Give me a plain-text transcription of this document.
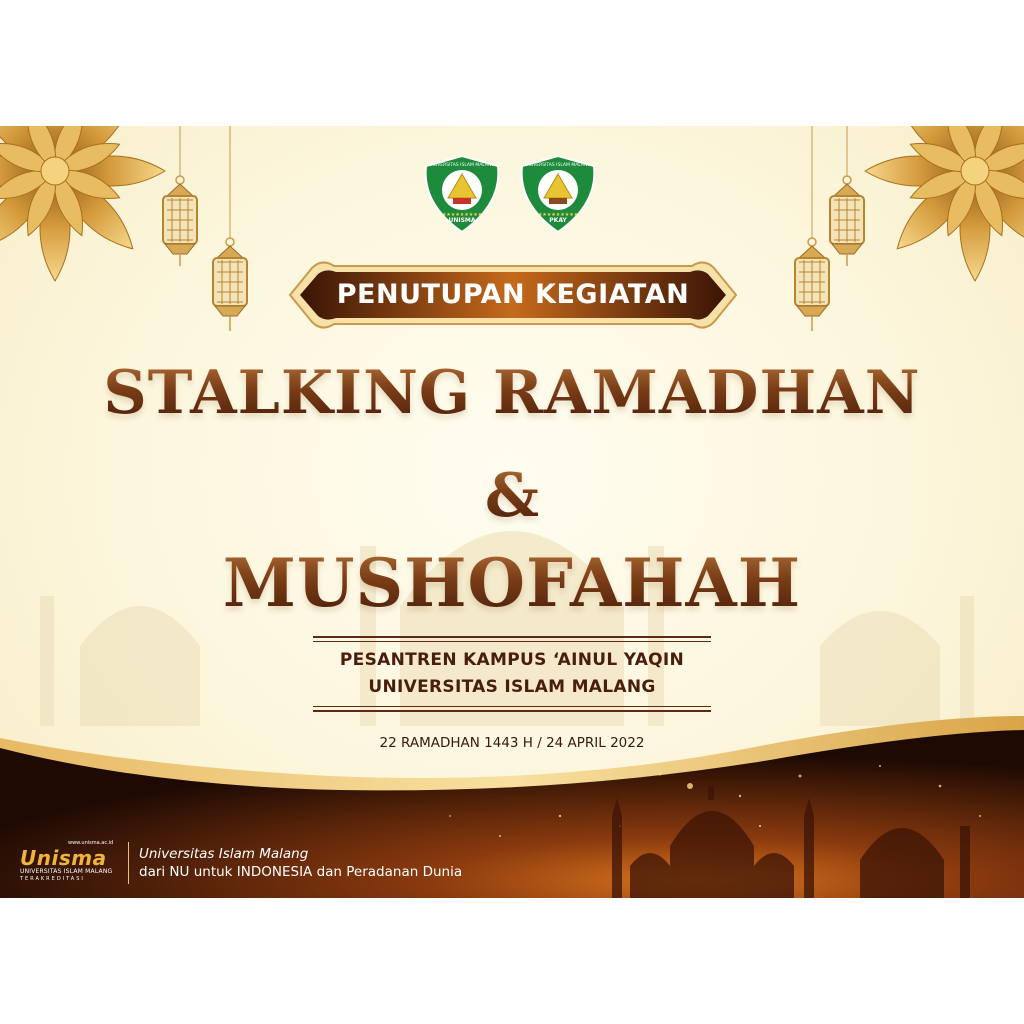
UNISMA
UNIVERSITAS ISLAM MALANG
★★★★★★★★★
PKAY
UNIVERSITAS ISLAM MALANG
★★★★★★★★★
PENUTUPAN KEGIATAN
STALKING RAMADHAN
&
MUSHOFAHAH
PESANTREN KAMPUS ‘AINUL YAQIN
UNIVERSITAS ISLAM MALANG
22 RAMADHAN 1443 H / 24 APRIL 2022
Unisma
www.unisma.ac.id
UNIVERSITAS ISLAM MALANG
TERAKREDITASI
Universitas Islam Malang
dari NU untuk INDONESIA dan Peradanan Dunia
